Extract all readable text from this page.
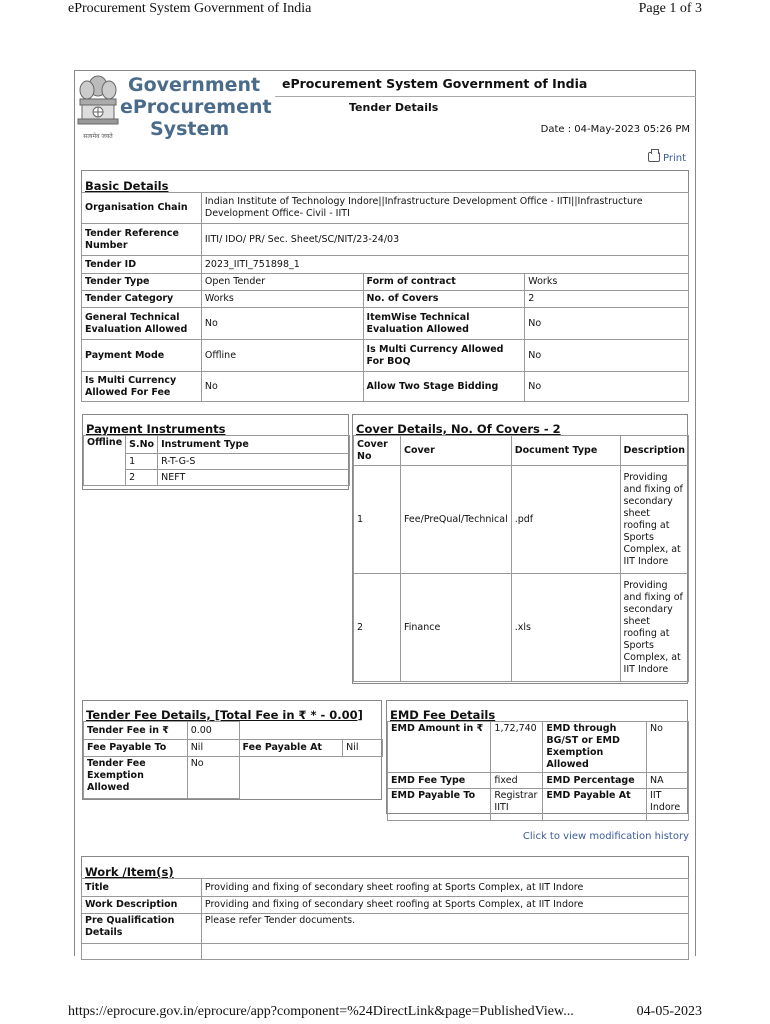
eProcurement System Government of India	Page 1 of 3
सत्यमेव जयते
Government
eProcurement
System
eProcurement System Government of India
Tender Details
Date : 04-May-2023 05:26 PM
Print
Basic Details
Organisation Chain	Indian Institute of Technology Indore||Infrastructure Development Office - IITI||Infrastructure Development Office- Civil - IITI		
Tender Reference Number	IITI/ IDO/ PR/ Sec. Sheet/SC/NIT/23-24/03		
Tender ID	2023_IITI_751898_1		
Tender Type	Open Tender	Form of contract	Works
Tender Category	Works	No. of Covers	2
General Technical Evaluation Allowed	No	ItemWise Technical Evaluation Allowed	No
Payment Mode	Offline	Is Multi Currency Allowed For BOQ	No
Is Multi Currency Allowed For Fee	No	Allow Two Stage Bidding	No
Payment Instruments
Offline	S.No	Instrument Type
	1	R-T-G-S
	2	NEFT
Cover Details, No. Of Covers - 2
Cover No	Cover	Document Type	Description
1	Fee/PreQual/Technical	.pdf	Providing and fixing of secondary sheet roofing at Sports Complex, at IIT Indore
2	Finance	.xls	Providing and fixing of secondary sheet roofing at Sports Complex, at IIT Indore
Tender Fee Details, [Total Fee in ₹ * - 0.00]
Tender Fee in ₹	0.00		
Fee Payable To	Nil	Fee Payable At	Nil
Tender Fee Exemption Allowed	No		
EMD Fee Details
EMD Amount in ₹	1,72,740	EMD through BG/ST or EMD Exemption Allowed	No
EMD Fee Type	fixed	EMD Percentage	NA
EMD Payable To	Registrar IITI	EMD Payable At	IIT Indore
Click to view modification history
Work /Item(s)
Title	Providing and fixing of secondary sheet roofing at Sports Complex, at IIT Indore
Work Description	Providing and fixing of secondary sheet roofing at Sports Complex, at IIT Indore
Pre Qualification Details	Please refer Tender documents.

https://eprocure.gov.in/eprocure/app?component=%24DirectLink&page=PublishedView...	04-05-2023
